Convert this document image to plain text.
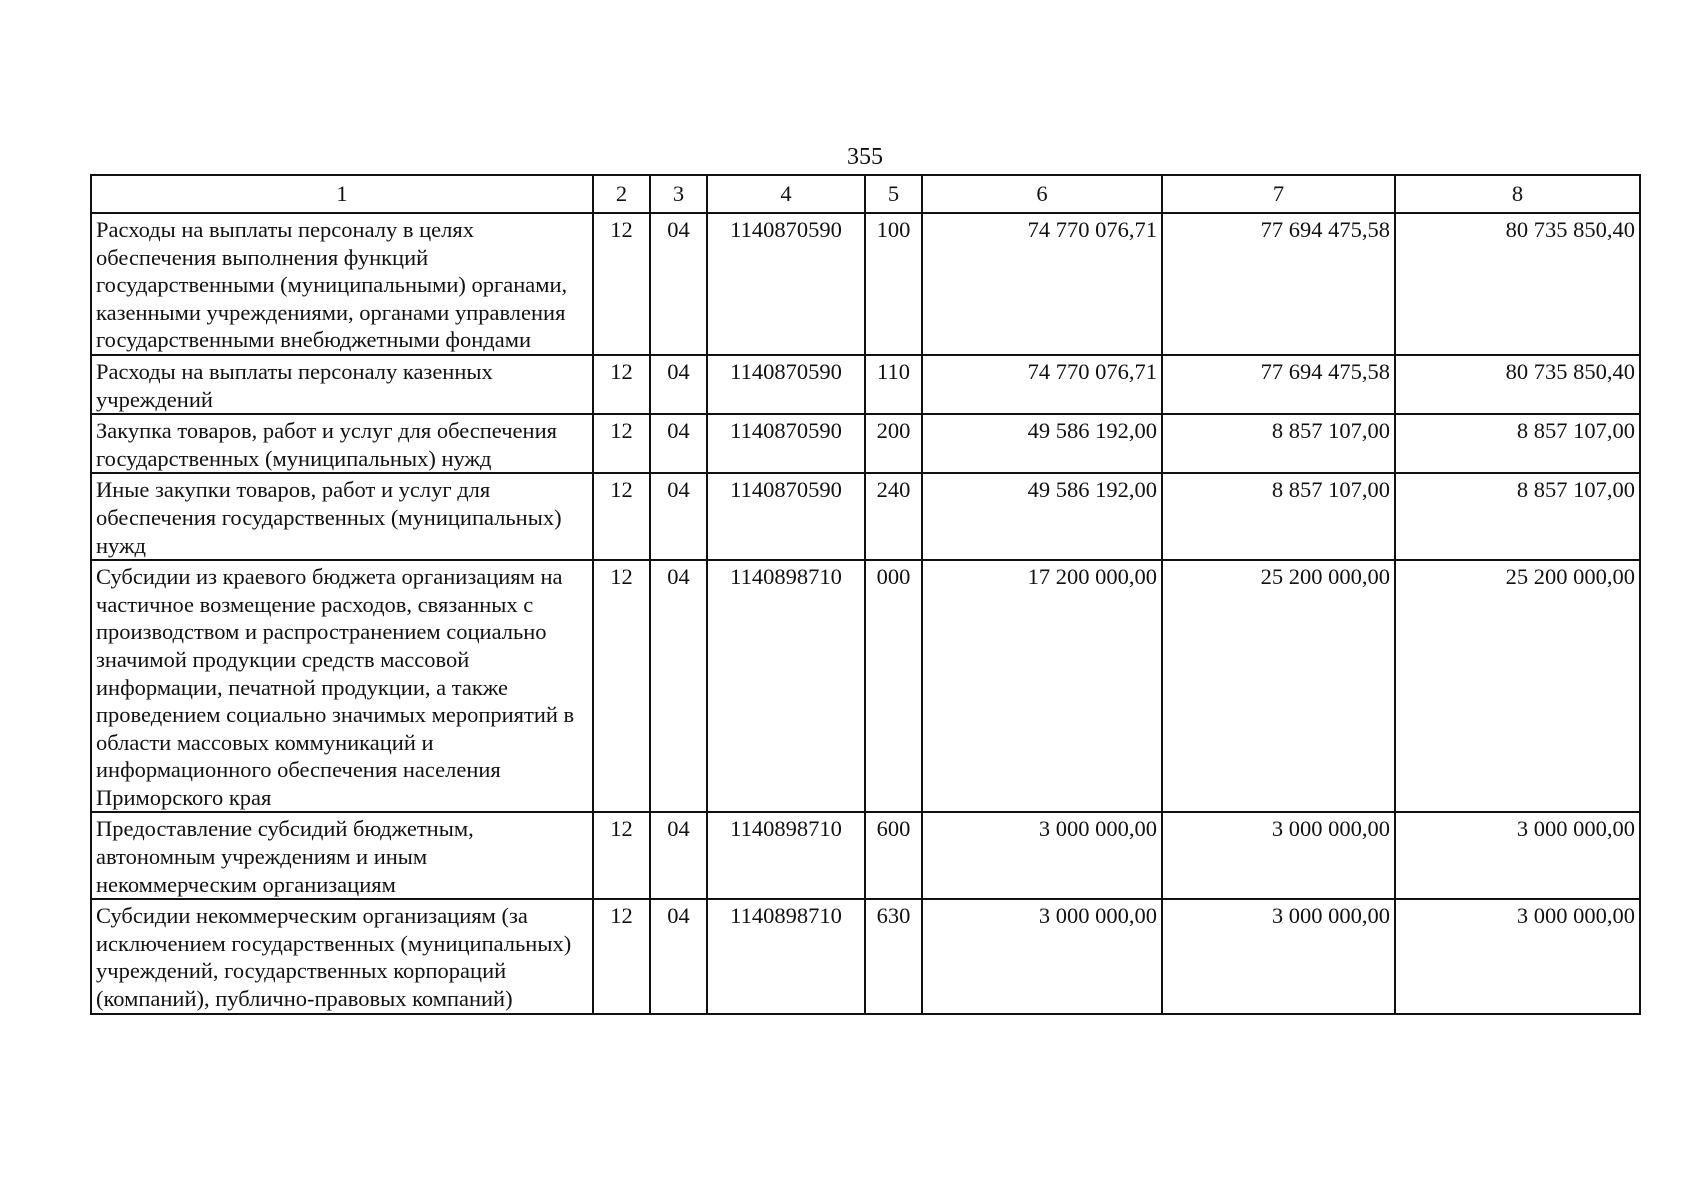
355
1	2	3	4	5	6	7	8
Расходы на выплаты персоналу в целях обеспечения выполнения функций государственными (муниципальными) органами, казенными учреждениями, органами управления государственными внебюджетными фондами	12	04	1140870590	100	74 770 076,71	77 694 475,58	80 735 850,40
Расходы на выплаты персоналу казенных учреждений	12	04	1140870590	110	74 770 076,71	77 694 475,58	80 735 850,40
Закупка товаров, работ и услуг для обеспечения государственных (муниципальных) нужд	12	04	1140870590	200	49 586 192,00	8 857 107,00	8 857 107,00
Иные закупки товаров, работ и услуг для обеспечения государственных (муниципальных) нужд	12	04	1140870590	240	49 586 192,00	8 857 107,00	8 857 107,00
Субсидии из краевого бюджета организациям на частичное возмещение расходов, связанных с производством и распространением социально значимой продукции средств массовой информации, печатной продукции, а также проведением социально значимых мероприятий в области массовых коммуникаций и информационного обеспечения населения Приморского края	12	04	1140898710	000	17 200 000,00	25 200 000,00	25 200 000,00
Предоставление субсидий бюджетным, автономным учреждениям и иным некоммерческим организациям	12	04	1140898710	600	3 000 000,00	3 000 000,00	3 000 000,00
Субсидии некоммерческим организациям (за исключением государственных (муниципальных) учреждений, государственных корпораций (компаний), публично-правовых компаний)	12	04	1140898710	630	3 000 000,00	3 000 000,00	3 000 000,00
